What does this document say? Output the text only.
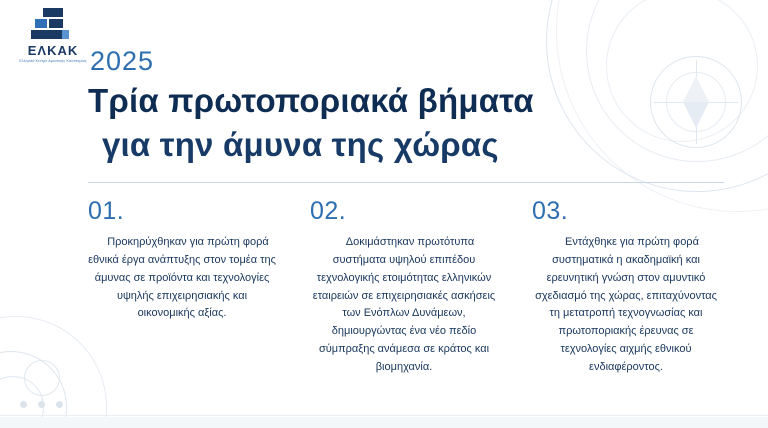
ΕΛΚΑΚ
Ελληνικό Κέντρο Αμυντικής Καινοτομίας 2025
Τρία πρωτοποριακά βήματα
για την άμυνα της χώρας
01.
Προκηρύχθηκαν για πρώτη φορά εθνικά έργα ανάπτυξης στον τομέα της άμυνας σε προϊόντα και τεχνολογίες υψηλής επιχειρησιακής και οικονομικής αξίας.
02.
Δοκιμάστηκαν πρωτότυπα συστήματα υψηλού επιπέδου τεχνολογικής ετοιμότητας ελληνικών εταιρειών σε επιχειρησιακές ασκήσεις των Ενόπλων Δυνάμεων, δημιουργώντας ένα νέο πεδίο σύμπραξης ανάμεσα σε κράτος και βιομηχανία.
03.
Εντάχθηκε για πρώτη φορά συστηματικά η ακαδημαϊκή και ερευνητική γνώση στον αμυντικό σχεδιασμό της χώρας, επιταχύνοντας τη μετατροπή τεχνογνωσίας και πρωτοποριακής έρευνας σε τεχνολογίες αιχμής εθνικού ενδιαφέροντος.
